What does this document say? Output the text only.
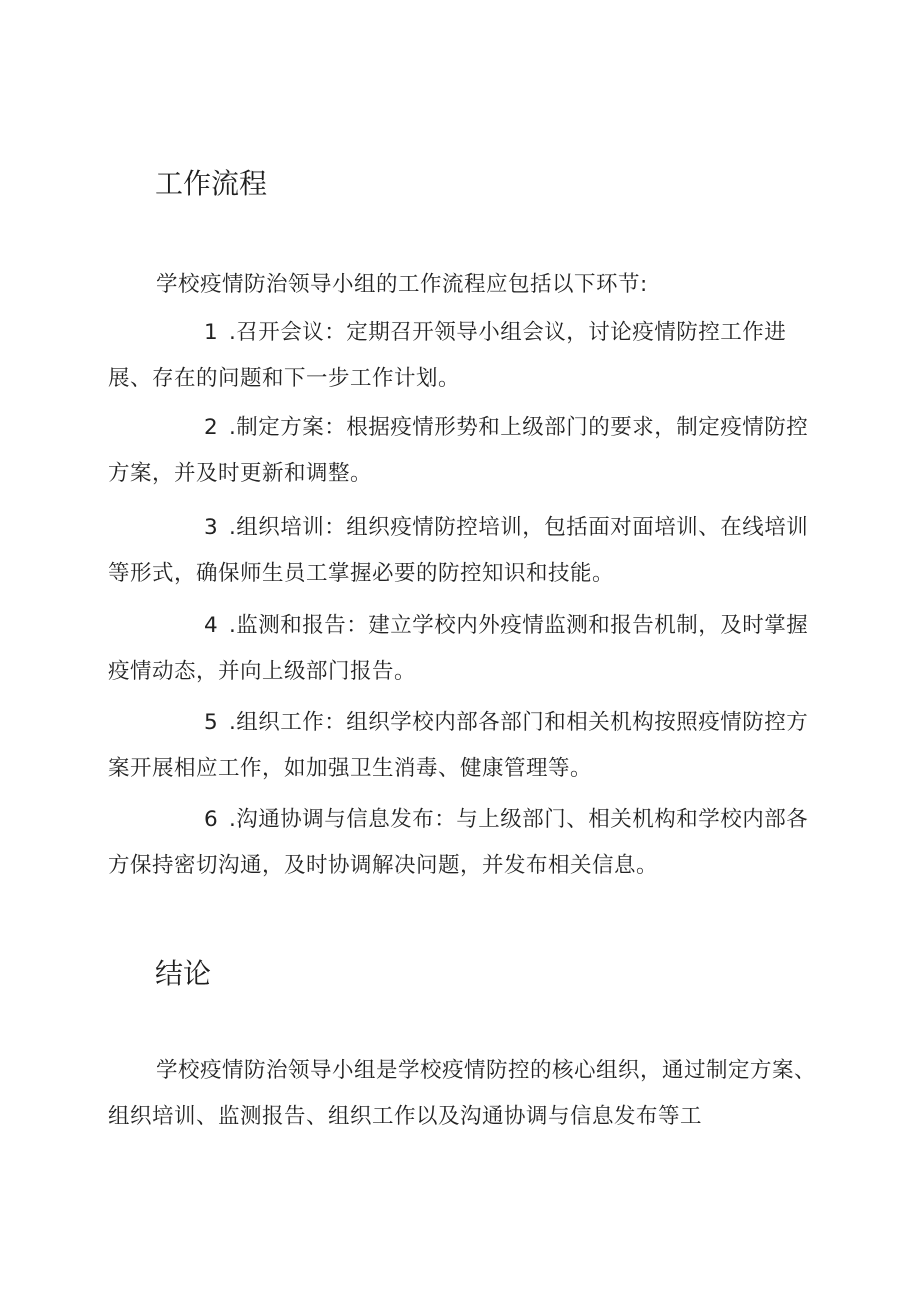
工作流程

学校疫情防治领导小组的工作流程应包括以下环节:

1 .召开会议：定期召开领导小组会议，讨论疫情防控工作进展、存在的问题和下一步工作计划。

2 .制定方案：根据疫情形势和上级部门的要求，制定疫情防控方案，并及时更新和调整。

3 .组织培训：组织疫情防控培训，包括面对面培训、在线培训等形式，确保师生员工掌握必要的防控知识和技能。

4 .监测和报告：建立学校内外疫情监测和报告机制，及时掌握疫情动态，并向上级部门报告。

5 .组织工作：组织学校内部各部门和相关机构按照疫情防控方案开展相应工作，如加强卫生消毒、健康管理等。

6 .沟通协调与信息发布：与上级部门、相关机构和学校内部各方保持密切沟通，及时协调解决问题，并发布相关信息。

结论

学校疫情防治领导小组是学校疫情防控的核心组织，通过制定方案、组织培训、监测报告、组织工作以及沟通协调与信息发布等工
